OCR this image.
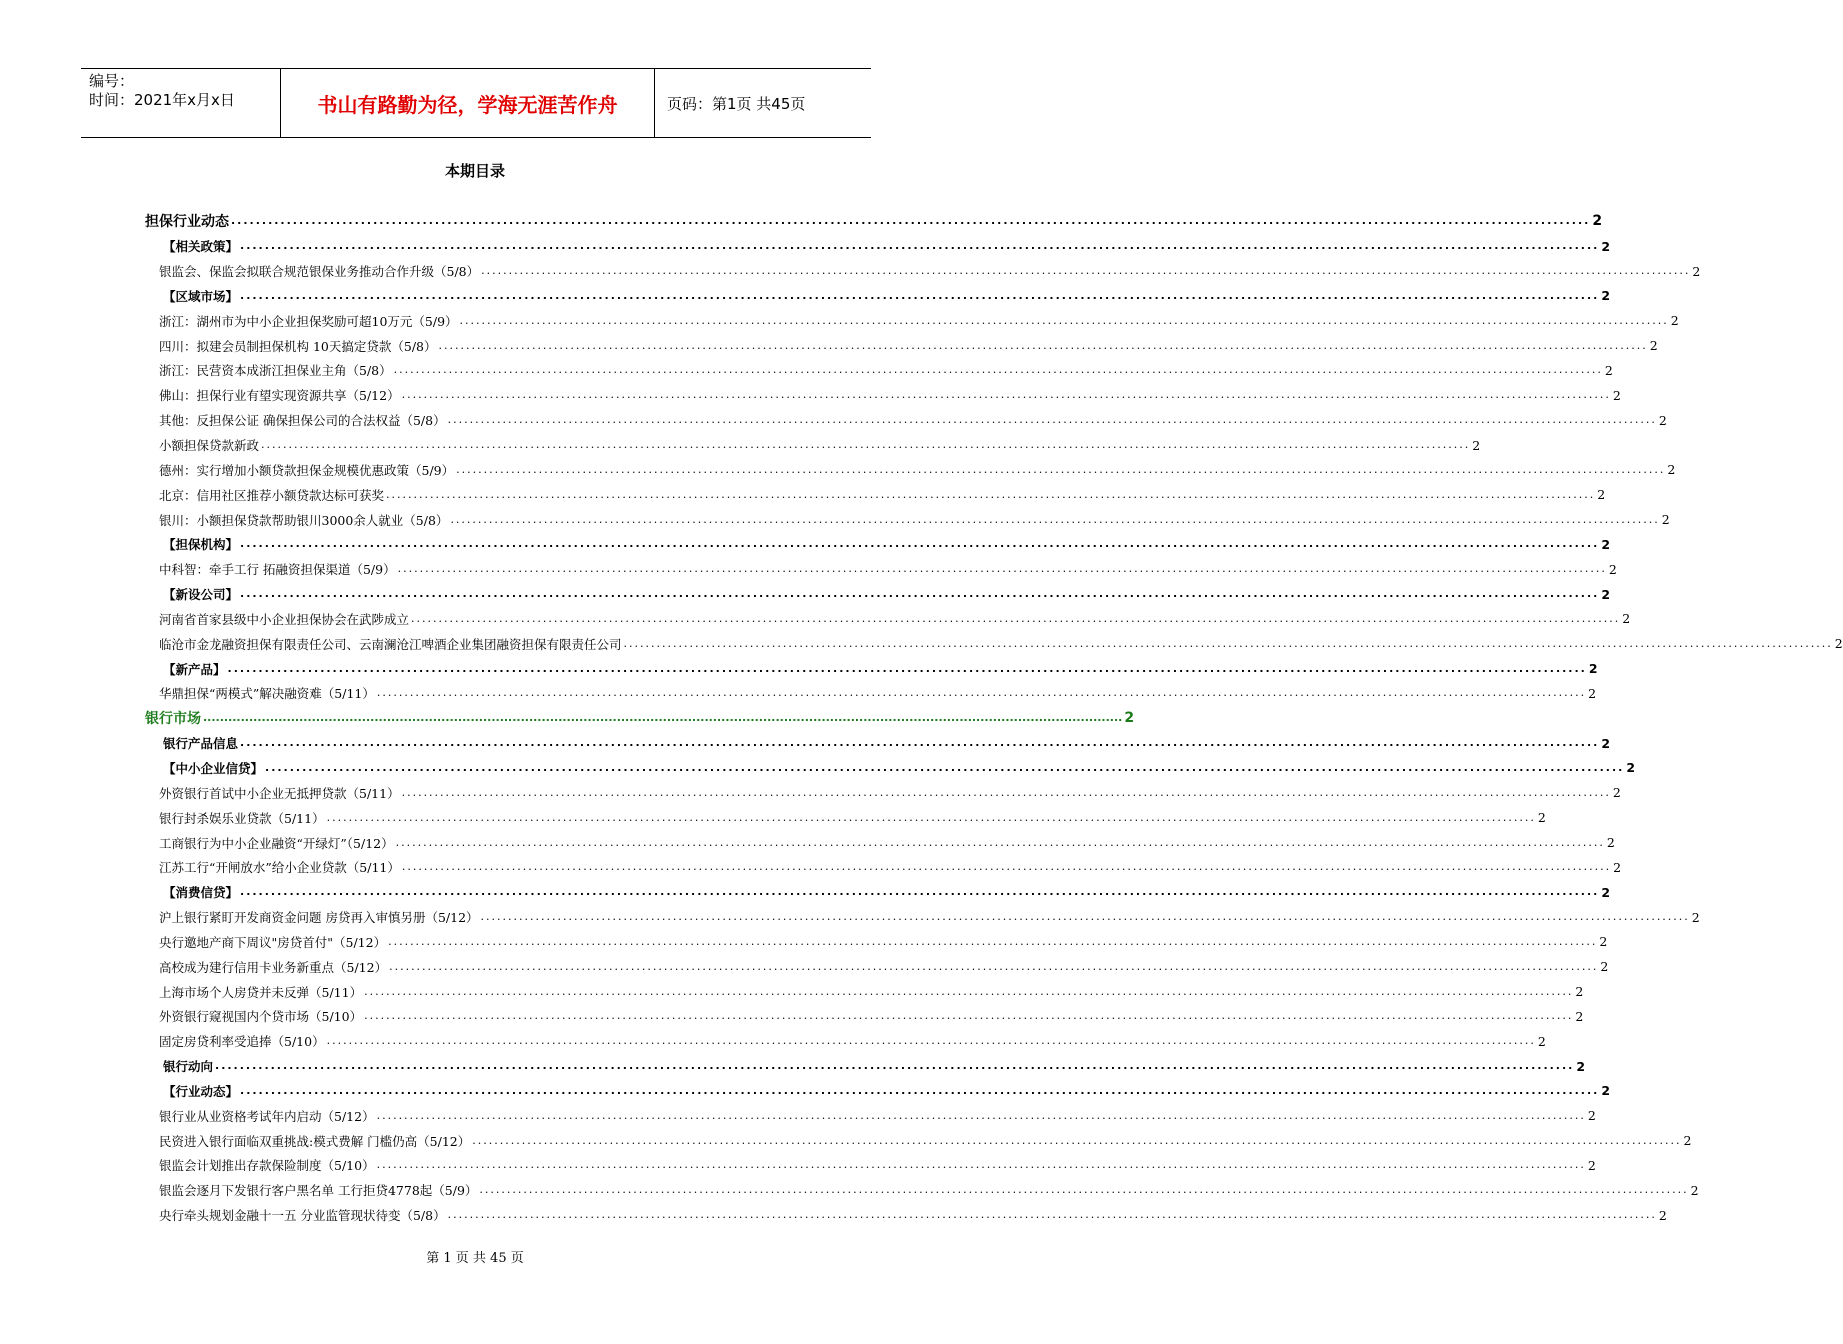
编号：
时间：2021年x月x日	书山有路勤为径，学海无涯苦作舟	页码：第1页 共45页
本期目录
担保行业动态 ............................................................................................................................................................................................................................ 2
【相关政策】 ............................................................................................................................................................................................................................ 2
银监会、保监会拟联合规范银保业务推动合作升级（5/8） ............................................................................................................................................................................................................................ 2
【区域市场】 ............................................................................................................................................................................................................................ 2
浙江：湖州市为中小企业担保奖励可超10万元（5/9） ............................................................................................................................................................................................................................ 2
四川：拟建会员制担保机构 10天搞定贷款（5/8） ............................................................................................................................................................................................................................ 2
浙江：民营资本成浙江担保业主角（5/8） ............................................................................................................................................................................................................................ 2
佛山：担保行业有望实现资源共享（5/12） ............................................................................................................................................................................................................................ 2
其他：反担保公证 确保担保公司的合法权益（5/8） ............................................................................................................................................................................................................................ 2
小额担保贷款新政 ............................................................................................................................................................................................................................ 2
德州：实行增加小额贷款担保金规模优惠政策（5/9） ............................................................................................................................................................................................................................ 2
北京：信用社区推荐小额贷款达标可获奖 ............................................................................................................................................................................................................................ 2
银川：小额担保贷款帮助银川3000余人就业（5/8） ............................................................................................................................................................................................................................ 2
【担保机构】 ............................................................................................................................................................................................................................ 2
中科智：牵手工行 拓融资担保渠道（5/9） ............................................................................................................................................................................................................................ 2
【新设公司】 ............................................................................................................................................................................................................................ 2
河南省首家县级中小企业担保协会在武陟成立 ............................................................................................................................................................................................................................ 2
临沧市金龙融资担保有限责任公司、云南澜沧江啤酒企业集团融资担保有限责任公司 ............................................................................................................................................................................................................................ 2
【新产品】 ............................................................................................................................................................................................................................ 2
华鼎担保“两模式”解决融资难（5/11） ............................................................................................................................................................................................................................ 2
银行市场 ............................................................................................................................................................................................................................ 2
银行产品信息 ............................................................................................................................................................................................................................ 2
【中小企业信贷】 ............................................................................................................................................................................................................................ 2
外资银行首试中小企业无抵押贷款（5/11） ............................................................................................................................................................................................................................ 2
银行封杀娱乐业贷款（5/11） ............................................................................................................................................................................................................................ 2
工商银行为中小企业融资“开绿灯”（5/12） ............................................................................................................................................................................................................................ 2
江苏工行“开闸放水”给小企业贷款（5/11） ............................................................................................................................................................................................................................ 2
【消费信贷】 ............................................................................................................................................................................................................................ 2
沪上银行紧盯开发商资金问题 房贷再入审慎另册（5/12） ............................................................................................................................................................................................................................ 2
央行邀地产商下周议"房贷首付"（5/12） ............................................................................................................................................................................................................................ 2
高校成为建行信用卡业务新重点（5/12） ............................................................................................................................................................................................................................ 2
上海市场个人房贷并未反弹（5/11） ............................................................................................................................................................................................................................ 2
外资银行窥视国内个贷市场（5/10） ............................................................................................................................................................................................................................ 2
固定房贷利率受追捧（5/10） ............................................................................................................................................................................................................................ 2
银行动向 ............................................................................................................................................................................................................................ 2
【行业动态】 ............................................................................................................................................................................................................................ 2
银行业从业资格考试年内启动（5/12） ............................................................................................................................................................................................................................ 2
民资进入银行面临双重挑战:模式费解 门槛仍高（5/12） ............................................................................................................................................................................................................................ 2
银监会计划推出存款保险制度（5/10） ............................................................................................................................................................................................................................ 2
银监会逐月下发银行客户黑名单 工行拒贷4778起（5/9） ............................................................................................................................................................................................................................ 2
央行牵头规划金融十一五 分业监管现状待变（5/8） ............................................................................................................................................................................................................................ 2
第 1 页 共 45 页
